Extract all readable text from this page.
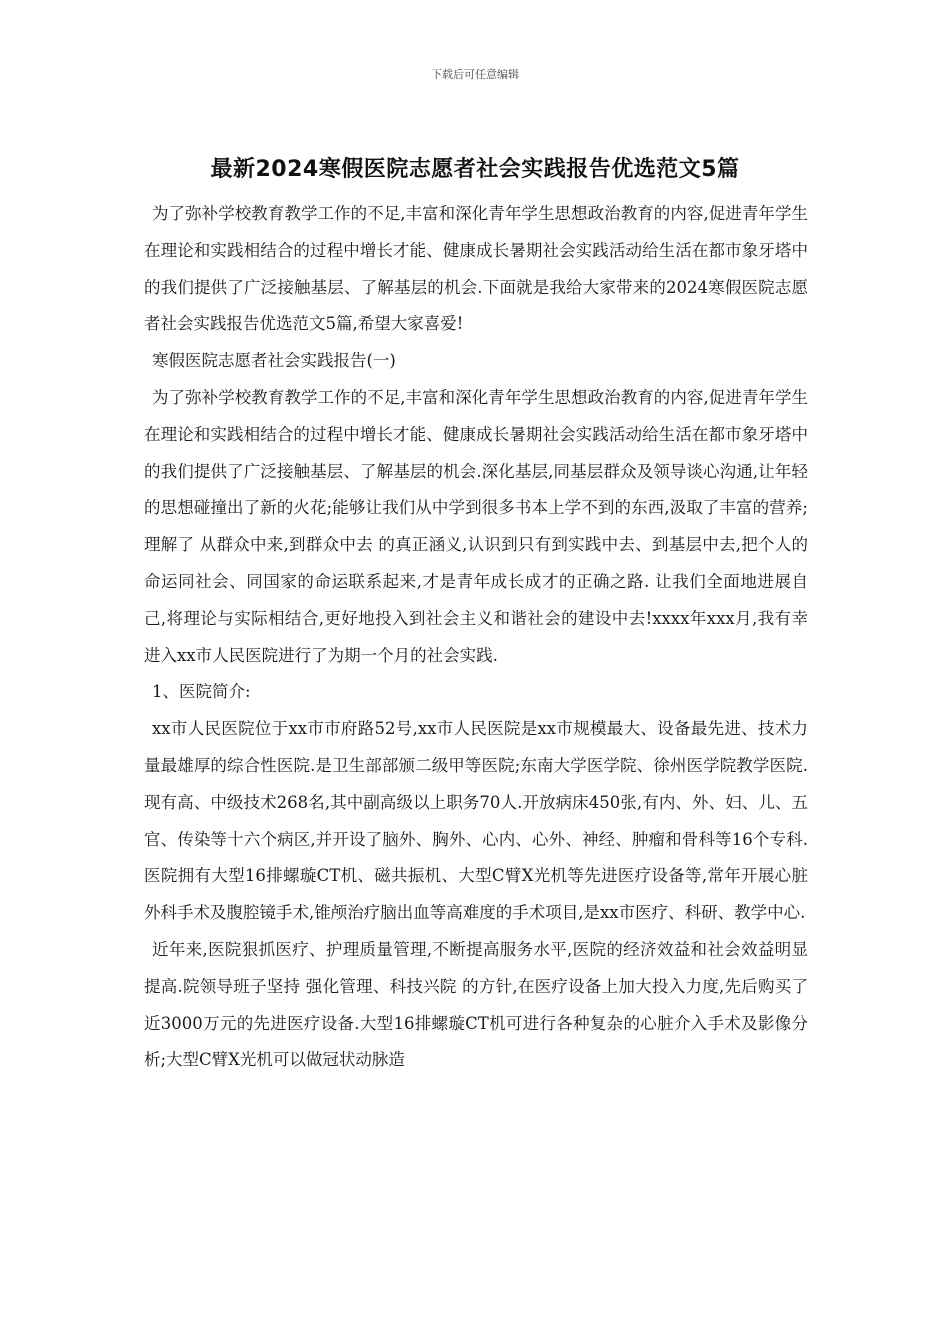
下载后可任意编辑
最新2024寒假医院志愿者社会实践报告优选范文5篇

为了弥补学校教育教学工作的不足,丰富和深化青年学生思想政治教育的内容,促进青年学生在理论和实践相结合的过程中增长才能、健康成长暑期社会实践活动给生活在都市象牙塔中的我们提供了广泛接触基层、了解基层的机会.下面就是我给大家带来的2024寒假医院志愿者社会实践报告优选范文5篇,希望大家喜爱!

寒假医院志愿者社会实践报告(一)

为了弥补学校教育教学工作的不足,丰富和深化青年学生思想政治教育的内容,促进青年学生在理论和实践相结合的过程中增长才能、健康成长暑期社会实践活动给生活在都市象牙塔中的我们提供了广泛接触基层、了解基层的机会.深化基层,同基层群众及领导谈心沟通,让年轻的思想碰撞出了新的火花;能够让我们从中学到很多书本上学不到的东西,汲取了丰富的营养;理解了 从群众中来,到群众中去 的真正涵义,认识到只有到实践中去、到基层中去,把个人的命运同社会、同国家的命运联系起来,才是青年成长成才的正确之路. 让我们全面地进展自己,将理论与实际相结合,更好地投入到社会主义和谐社会的建设中去!xxxx年xxx月,我有幸进入xx市人民医院进行了为期一个月的社会实践.

1、医院简介:

xx市人民医院位于xx市市府路52号,xx市人民医院是xx市规模最大、设备最先进、技术力量最雄厚的综合性医院.是卫生部部颁二级甲等医院;东南大学医学院、徐州医学院教学医院.现有高、中级技术268名,其中副高级以上职务70人.开放病床450张,有内、外、妇、儿、五官、传染等十六个病区,并开设了脑外、胸外、心内、心外、神经、肿瘤和骨科等16个专科.医院拥有大型16排螺璇CT机、磁共振机、大型C臂X光机等先进医疗设备等,常年开展心脏外科手术及腹腔镜手术,锥颅治疗脑出血等高难度的手术项目,是xx市医疗、科研、教学中心.

近年来,医院狠抓医疗、护理质量管理,不断提高服务水平,医院的经济效益和社会效益明显提高.院领导班子坚持 强化管理、科技兴院 的方针,在医疗设备上加大投入力度,先后购买了近3000万元的先进医疗设备.大型16排螺璇CT机可进行各种复杂的心脏介入手术及影像分析;大型C臂X光机可以做冠状动脉造
